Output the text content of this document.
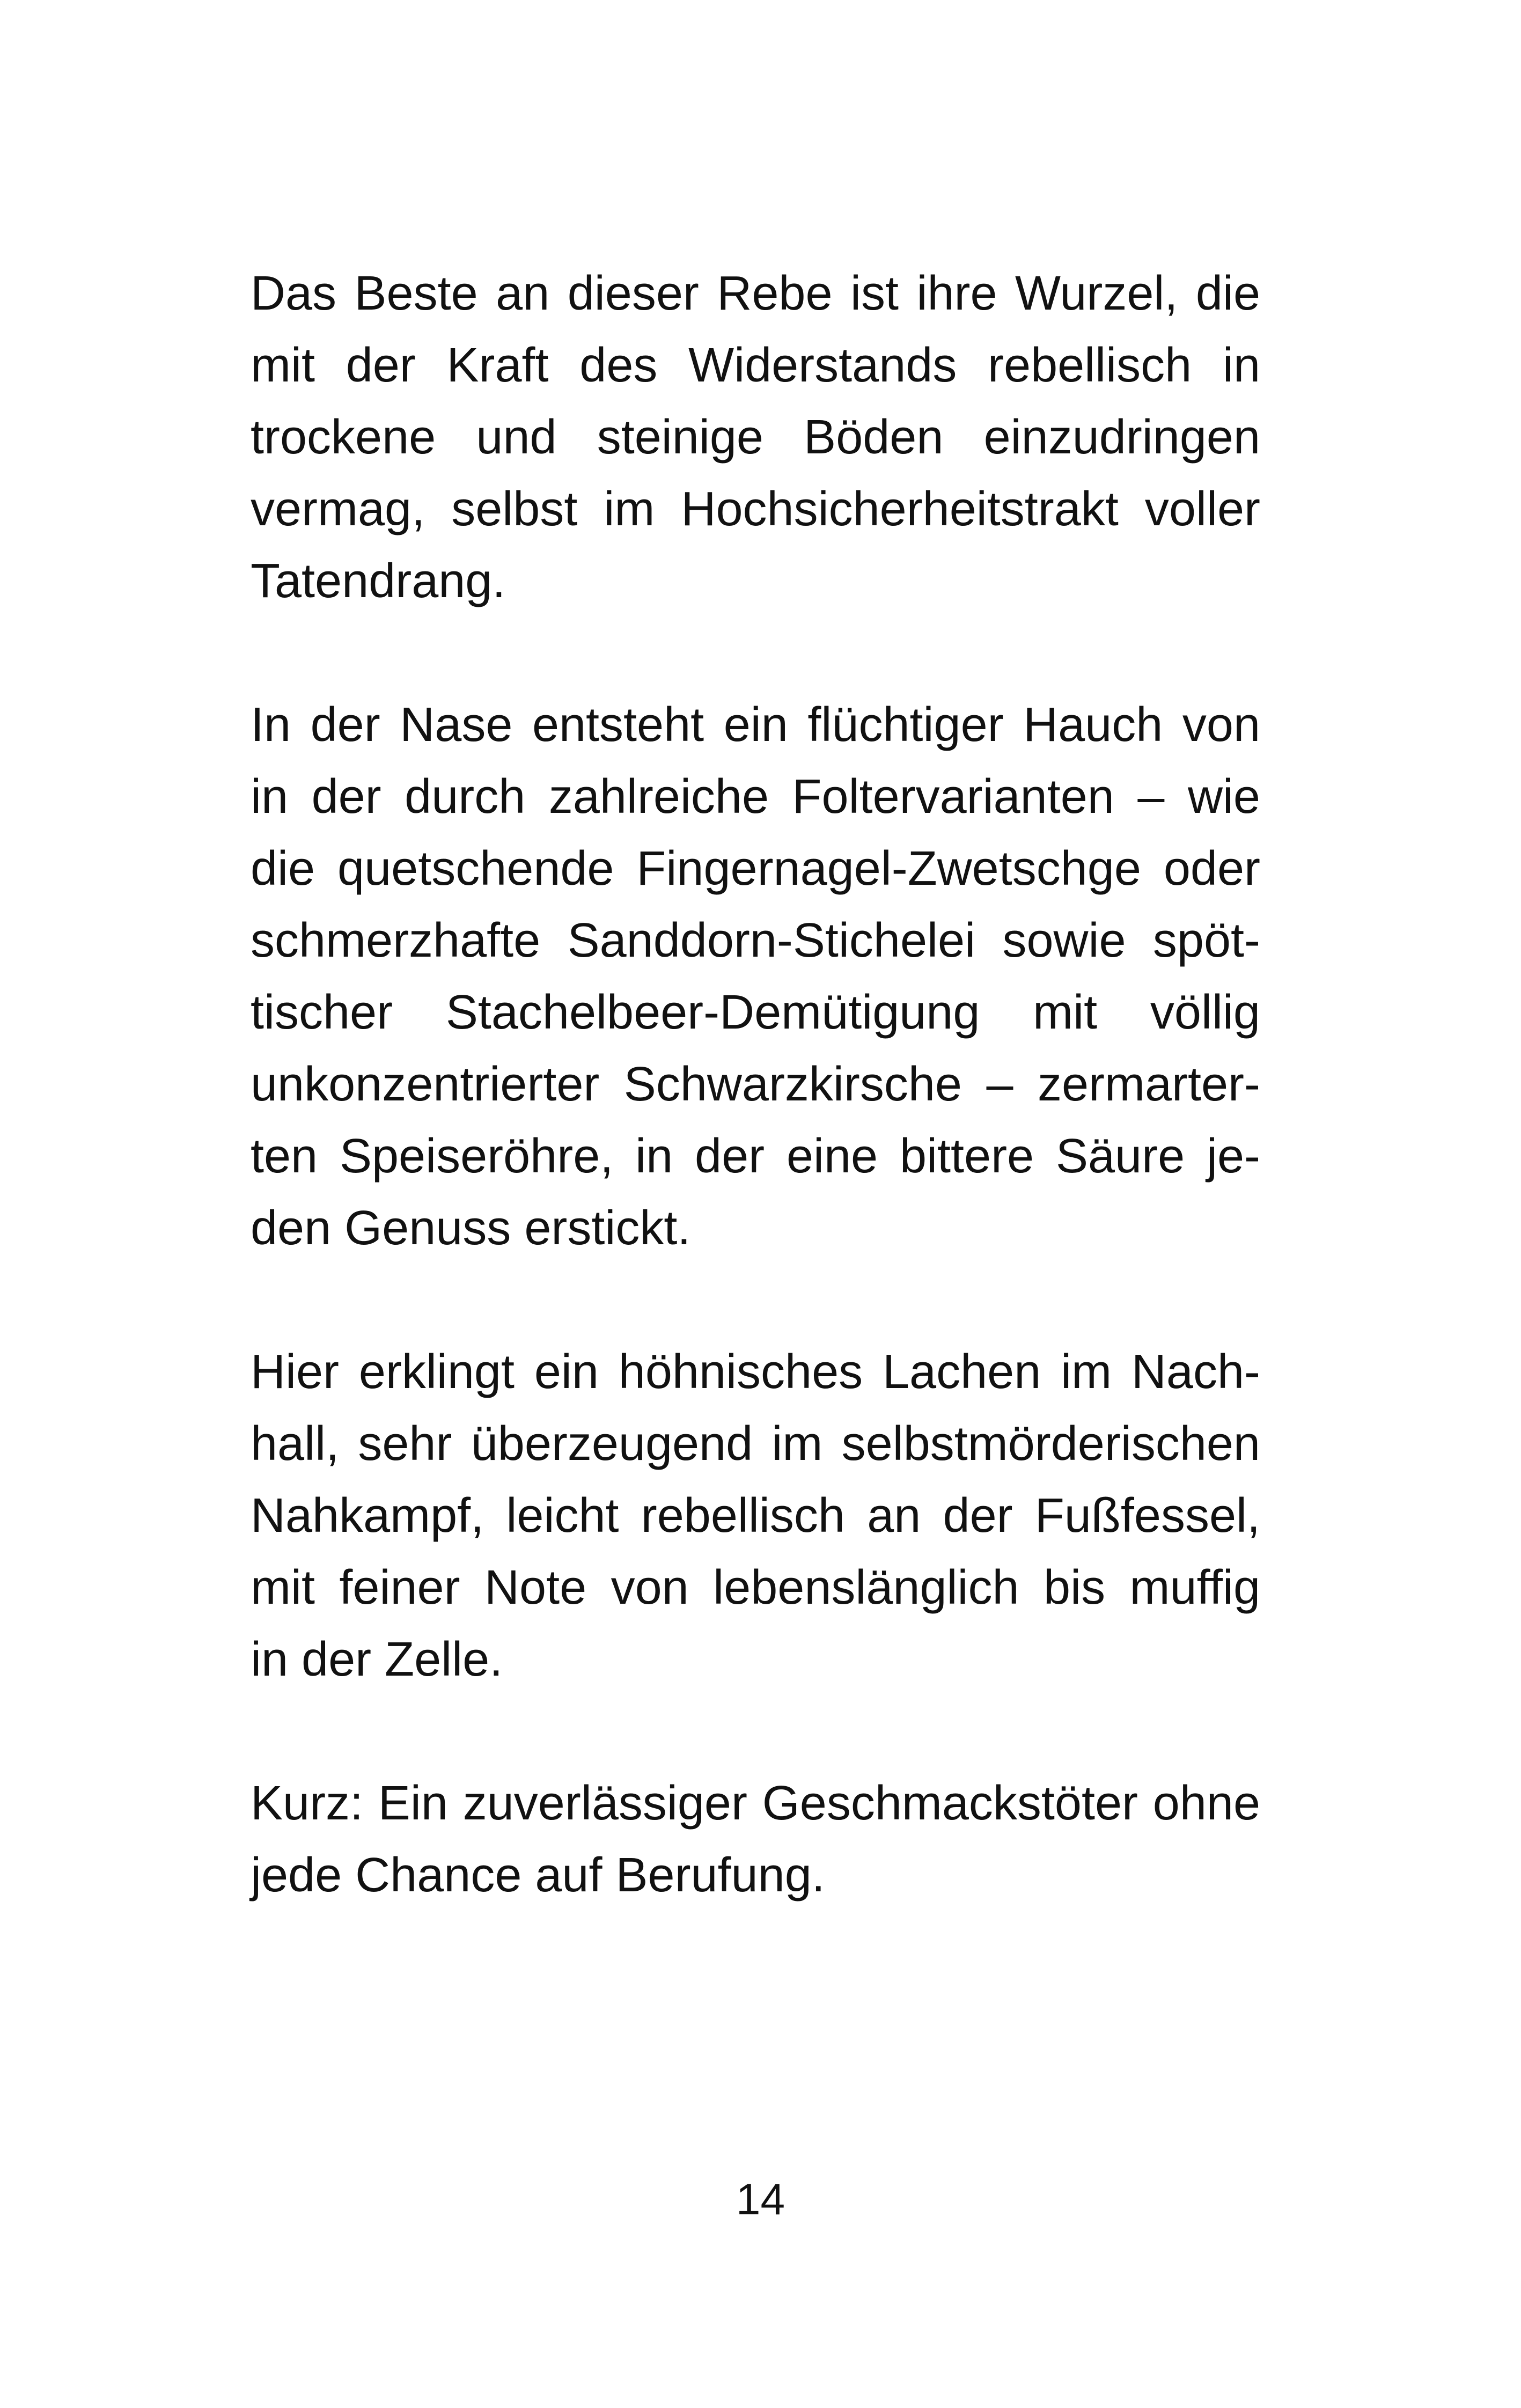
Das Beste an dieser Rebe ist ihre Wurzel, die
mit der Kraft des Widerstands rebellisch in
trockene und steinige Böden einzudringen
vermag, selbst im Hochsicherheitstrakt voller
Tatendrang.

In der Nase entsteht ein flüchtiger Hauch von
in der durch zahlreiche Foltervarianten – wie
die quetschende Fingernagel-Zwetschge oder
schmerzhafte Sanddorn-Stichelei sowie spöt-
tischer Stachelbeer-Demütigung mit völlig
unkonzentrierter Schwarzkirsche – zermarter-
ten Speiseröhre, in der eine bittere Säure je-
den Genuss erstickt.

Hier erklingt ein höhnisches Lachen im Nach-
hall, sehr überzeugend im selbstmörderischen
Nahkampf, leicht rebellisch an der Fußfessel,
mit feiner Note von lebenslänglich bis muffig
in der Zelle.

Kurz: Ein zuverlässiger Geschmackstöter ohne
jede Chance auf Berufung.

14
